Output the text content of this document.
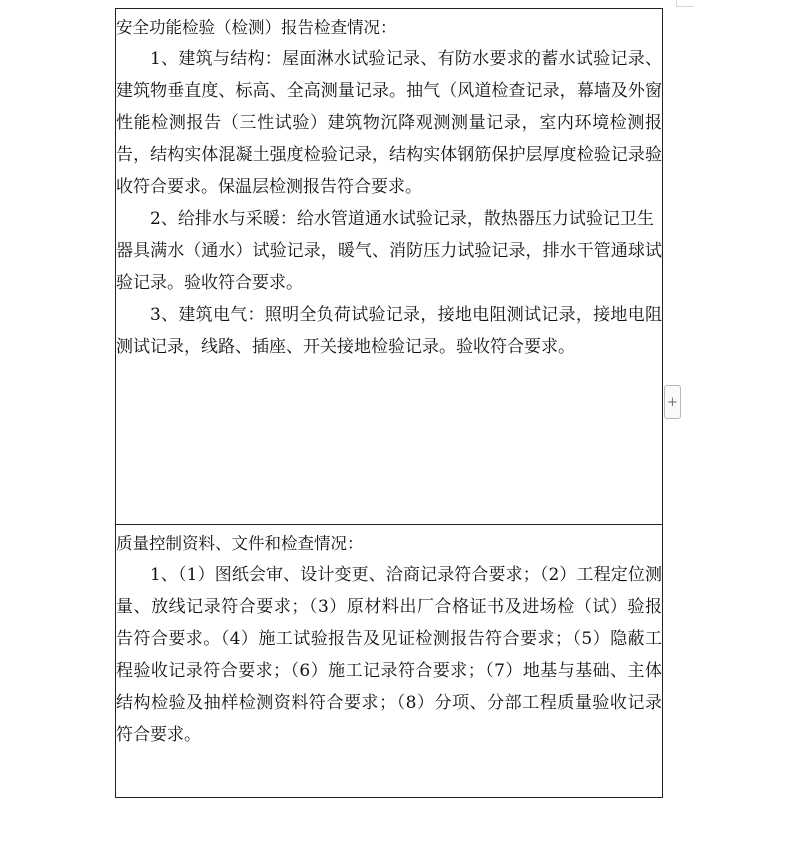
安全功能检验（检测）报告检查情况：

1、建筑与结构：屋面淋水试验记录、有防水要求的蓄水试验记录、建筑物垂直度、标高、全高测量记录。抽气（风道检查记录，幕墙及外窗性能检测报告（三性试验）建筑物沉降观测测量记录，室内环境检测报告，结构实体混凝土强度检验记录，结构实体钢筋保护层厚度检验记录验收符合要求。保温层检测报告符合要求。

2、给排水与采暖：给水管道通水试验记录，散热器压力试验记卫生

器具满水（通水）试验记录，暖气、消防压力试验记录，排水干管通球试验记录。验收符合要求。

3、建筑电气：照明全负荷试验记录，接地电阻测试记录，接地电阻测试记录，线路、插座、开关接地检验记录。验收符合要求。

质量控制资料、文件和检查情况：

1、（1）图纸会审、设计变更、洽商记录符合要求；（2）工程定位测量、放线记录符合要求；（3）原材料出厂合格证书及进场检（试）验报告符合要求。（4）施工试验报告及见证检测报告符合要求；（5）隐蔽工程验收记录符合要求；（6）施工记录符合要求；（7）地基与基础、主体结构检验及抽样检测资料符合要求；（8）分项、分部工程质量验收记录符合要求。

+
